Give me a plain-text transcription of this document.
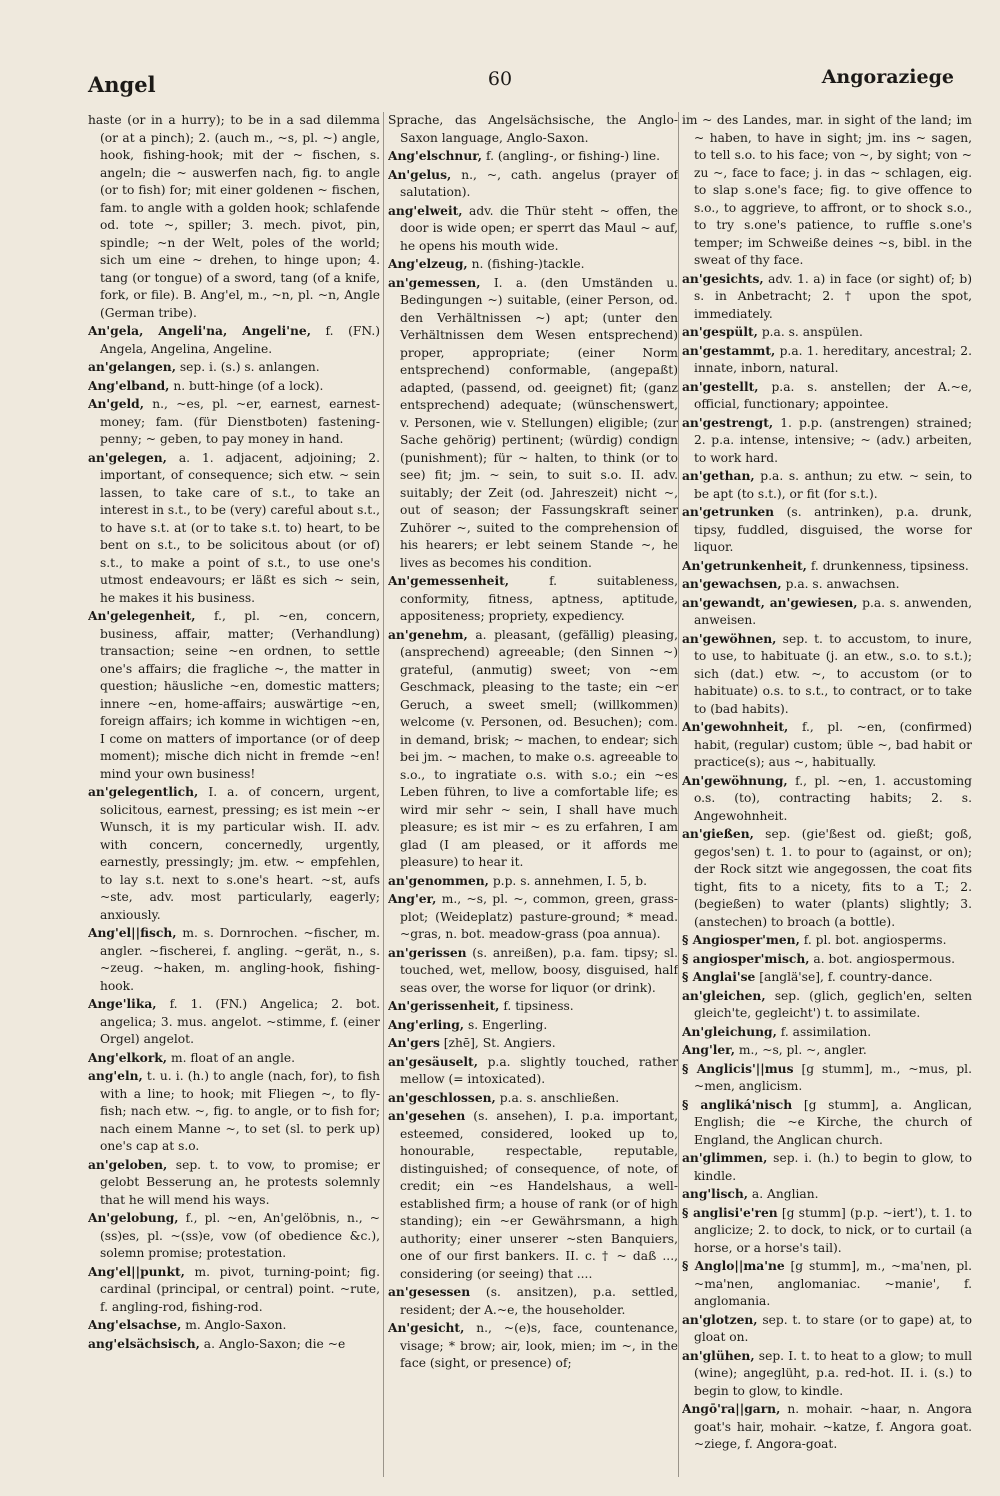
Angel	60	Angoraziege

haste (or in a hurry); to be in a sad dilemma (or at a pinch); 2. (auch m., ~s, pl. ~) angle, hook, fishing-hook; mit der ~ fischen, s. angeln; die ~ auswerfen nach, fig. to angle (or to fish) for; mit einer goldenen ~ fischen, fam. to angle with a golden hook; schlafende od. tote ~, spiller; 3. mech. pivot, pin, spindle; ~n der Welt, poles of the world; sich um eine ~ drehen, to hinge upon; 4. tang (or tongue) of a sword, tang (of a knife, fork, or file). B. Ang'el, m., ~n, pl. ~n, Angle (German tribe).

An'gela, Angeli'na, Angeli'ne, f. (FN.) Angela, Angelina, Angeline.

an'gelangen, sep. i. (s.) s. anlangen.

Ang'elband, n. butt-hinge (of a lock).

An'geld, n., ~es, pl. ~er, earnest, earnest-money; fam. (für Dienstboten) fastening-penny; ~ geben, to pay money in hand.

an'gelegen, a. 1. adjacent, adjoining; 2. important, of consequence; sich etw. ~ sein lassen, to take care of s.t., to take an interest in s.t., to be (very) careful about s.t., to have s.t. at (or to take s.t. to) heart, to be bent on s.t., to be solicitous about (or of) s.t., to make a point of s.t., to use one's utmost endeavours; er läßt es sich ~ sein, he makes it his business.

An'gelegenheit, f., pl. ~en, concern, business, affair, matter; (Verhandlung) transaction; seine ~en ordnen, to settle one's affairs; die fragliche ~, the matter in question; häusliche ~en, domestic matters; innere ~en, home-affairs; auswärtige ~en, foreign affairs; ich komme in wichtigen ~en, I come on matters of importance (or of deep moment); mische dich nicht in fremde ~en! mind your own business!

an'gelegentlich, I. a. of concern, urgent, solicitous, earnest, pressing; es ist mein ~er Wunsch, it is my particular wish. II. adv. with concern, concernedly, urgently, earnestly, pressingly; jm. etw. ~ empfehlen, to lay s.t. next to s.one's heart. ~st, aufs ~ste, adv. most particularly, eagerly; anxiously.

Ang'el||fisch, m. s. Dornrochen. ~fischer, m. angler. ~fischerei, f. angling. ~gerät, n., s. ~zeug. ~haken, m. angling-hook, fishing-hook.

Ange'lika, f. 1. (FN.) Angelica; 2. bot. angelica; 3. mus. angelot. ~stimme, f. (einer Orgel) angelot.

Ang'elkork, m. float of an angle.

ang'eln, t. u. i. (h.) to angle (nach, for), to fish with a line; to hook; mit Fliegen ~, to fly-fish; nach etw. ~, fig. to angle, or to fish for; nach einem Manne ~, to set (sl. to perk up) one's cap at s.o.

an'geloben, sep. t. to vow, to promise; er gelobt Besserung an, he protests solemnly that he will mend his ways.

An'gelobung, f., pl. ~en, An'gelöbnis, n., ~(ss)es, pl. ~(ss)e, vow (of obedience &c.), solemn promise; protestation.

Ang'el||punkt, m. pivot, turning-point; fig. cardinal (principal, or central) point. ~rute, f. angling-rod, fishing-rod.

Ang'elsachse, m. Anglo-Saxon.

ang'elsächsisch, a. Anglo-Saxon; die ~e

Sprache, das Angelsächsische, the Anglo-Saxon language, Anglo-Saxon.

Ang'elschnur, f. (angling-, or fishing-) line.

An'gelus, n., ~, cath. angelus (prayer of salutation).

ang'elweit, adv. die Thür steht ~ offen, the door is wide open; er sperrt das Maul ~ auf, he opens his mouth wide.

Ang'elzeug, n. (fishing-)tackle.

an'gemessen, I. a. (den Umständen u. Bedingungen ~) suitable, (einer Person, od. den Verhältnissen ~) apt; (unter den Verhältnissen dem Wesen entsprechend) proper, appropriate; (einer Norm entsprechend) conformable, (angepaßt) adapted, (passend, od. geeignet) fit; (ganz entsprechend) adequate; (wünschenswert, v. Personen, wie v. Stellungen) eligible; (zur Sache gehörig) pertinent; (würdig) condign (punishment); für ~ halten, to think (or to see) fit; jm. ~ sein, to suit s.o. II. adv. suitably; der Zeit (od. Jahreszeit) nicht ~, out of season; der Fassungskraft seiner Zuhörer ~, suited to the comprehension of his hearers; er lebt seinem Stande ~, he lives as becomes his condition.

An'gemessenheit,	f. suitableness, conformity, fitness, aptness, aptitude, appositeness; propriety, expediency.

an'genehm, a. pleasant, (gefällig) pleasing, (ansprechend) agreeable; (den Sinnen ~) grateful, (anmutig) sweet; von ~em Geschmack, pleasing to the taste; ein ~er Geruch, a sweet smell; (willkommen) welcome (v. Personen, od. Besuchen); com. in demand, brisk; ~ machen, to endear; sich bei jm. ~ machen, to make o.s. agreeable to s.o., to ingratiate o.s. with s.o.; ein ~es Leben führen, to live a comfortable life; es wird mir sehr ~ sein, I shall have much pleasure; es ist mir ~ es zu erfahren, I am glad (I am pleased, or it affords me pleasure) to hear it.

an'genommen, p.p. s. annehmen, I. 5, b.

Ang'er, m., ~s, pl. ~, common, green, grass-plot; (Weideplatz) pasture-ground; * mead. ~gras, n. bot. meadow-grass (poa annua).

an'gerissen (s. anreißen), p.a. fam. tipsy; sl. touched, wet, mellow, boosy, disguised, half seas over, the worse for liquor (or drink).

An'gerissenheit, f. tipsiness.

Ang'erling, s. Engerling.

An'gers [zhē], St. Angiers.

an'gesäuselt, p.a. slightly touched, rather mellow (= intoxicated).

an'geschlossen, p.a. s. anschließen.

an'gesehen (s. ansehen), I. p.a. important, esteemed, considered, looked up to, honourable, respectable, reputable, distinguished; of consequence, of note, of credit; ein ~es Handelshaus, a well-established firm; a house of rank (or of high standing); ein ~er Gewährsmann, a high authority; einer unserer ~sten Banquiers, one of our first bankers. II. c. † ~ daß ..., considering (or seeing) that ....

an'gesessen (s. ansitzen), p.a. settled, resident; der A.~e, the householder.

An'gesicht, n., ~(e)s, face, countenance, visage; * brow; air, look, mien; im ~, in the face (sight, or presence) of;

im ~ des Landes, mar. in sight of the land; im ~ haben, to have in sight; jm. ins ~ sagen, to tell s.o. to his face; von ~, by sight; von ~ zu ~, face to face; j. in das ~ schlagen, eig. to slap s.one's face; fig. to give offence to s.o., to aggrieve, to affront, or to shock s.o., to try s.one's patience, to ruffle s.one's temper; im Schweiße deines ~s, bibl. in the sweat of thy face.

an'gesichts, adv. 1. a) in face (or sight) of; b) s. in Anbetracht; 2. † upon the spot, immediately.

an'gespült, p.a. s. anspülen.

an'gestammt, p.a. 1. hereditary, ancestral; 2. innate, inborn, natural.

an'gestellt, p.a. s. anstellen; der A.~e, official, functionary; appointee.

an'gestrengt, 1. p.p. (anstrengen) strained; 2. p.a. intense, intensive; ~ (adv.) arbeiten, to work hard.

an'gethan, p.a. s. anthun; zu etw. ~ sein, to be apt (to s.t.), or fit (for s.t.).

an'getrunken (s. antrinken), p.a. drunk, tipsy, fuddled, disguised, the worse for liquor.

An'getrunkenheit, f. drunkenness, tipsiness.

an'gewachsen, p.a. s. anwachsen.

an'gewandt, an'gewiesen, p.a. s. anwenden, anweisen.

an'gewöhnen, sep. t. to accustom, to inure, to use, to habituate (j. an etw., s.o. to s.t.); sich (dat.) etw. ~, to accustom (or to habituate) o.s. to s.t., to contract, or to take to (bad habits).

An'gewohnheit, f., pl. ~en, (confirmed) habit, (regular) custom; üble ~, bad habit or practice(s); aus ~, habitually.

An'gewöhnung, f., pl. ~en, 1. accustoming o.s. (to), contracting habits; 2. s. Angewohnheit.

an'gießen, sep. (gie'ßest od. gießt; goß, gegos'sen) t. 1. to pour to (against, or on); der Rock sitzt wie angegossen, the coat fits tight, fits to a nicety, fits to a T.; 2. (begießen) to water (plants) slightly; 3. (anstechen) to broach (a bottle).

§ Angiosper'men, f. pl. bot. angiosperms.

§ angiosper'misch, a. bot. angiospermous.

§ Anglai'se [anglä'se], f. country-dance.

an'gleichen, sep. (glich, geglich'en, selten gleich'te, gegleicht') t. to assimilate.

An'gleichung, f. assimilation.

Ang'ler, m., ~s, pl. ~, angler.

§ Anglicis'||mus [g stumm], m., ~mus, pl. ~men, anglicism.

§ angliká'nisch [g stumm], a. Anglican, English; die ~e Kirche, the church of England, the Anglican church.

an'glimmen, sep. i. (h.) to begin to glow, to kindle.

ang'lisch, a. Anglian.

§ anglisi'e'ren [g stumm] (p.p. ~iert'), t. 1. to anglicize; 2. to dock, to nick, or to curtail (a horse, or a horse's tail).

§ Anglo||ma'ne [g stumm], m., ~ma'nen, pl. ~ma'nen, anglomaniac. ~manie', f. anglomania.

an'glotzen, sep. t. to stare (or to gape) at, to gloat on.

an'glühen, sep. I. t. to heat to a glow; to mull (wine); angeglüht, p.a. red-hot. II. i. (s.) to begin to glow, to kindle.

Angō'ra||garn, n. mohair. ~haar, n. Angora goat's hair, mohair. ~katze, f. Angora goat. ~ziege, f. Angora-goat.
